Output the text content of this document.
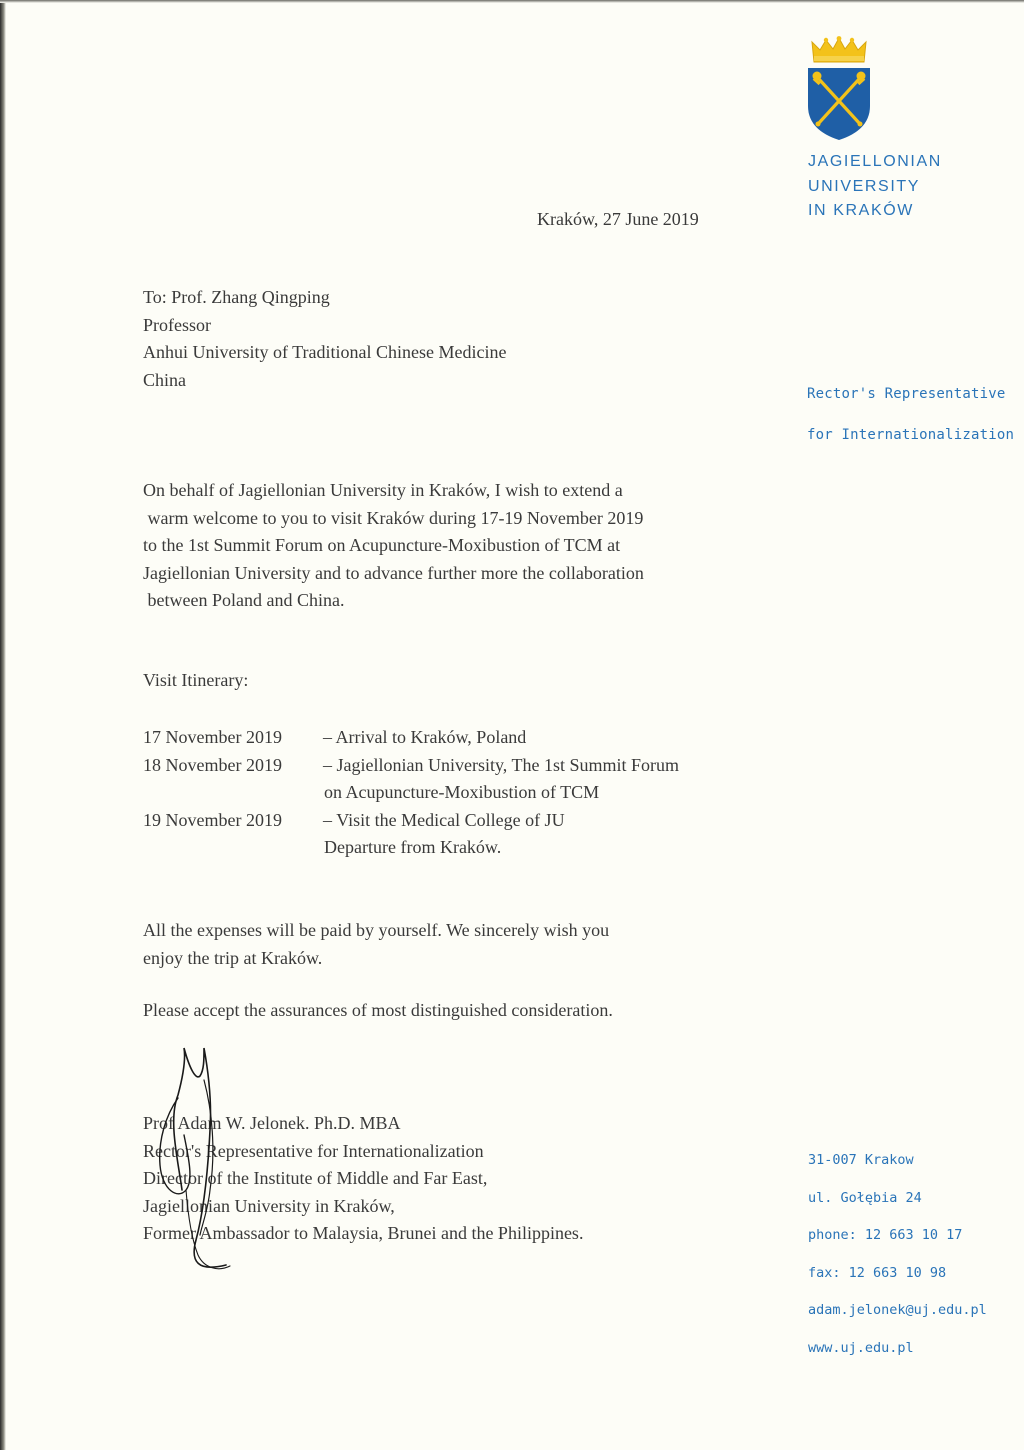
JAGIELLONIAN
UNIVERSITY
IN KRAKÓW
Rector's Representative
for Internationalization
31-007 Krakow
ul. Gołębia 24
phone: 12 663 10 17
fax: 12 663 10 98
adam.jelonek@uj.edu.pl
www.uj.edu.pl
Kraków, 27 June 2019
To: Prof. Zhang Qingping
Professor
Anhui University of Traditional Chinese Medicine
China
On behalf of Jagiellonian University in Kraków, I wish to extend a
warm welcome to you to visit Kraków during 17-19 November 2019
to the 1st Summit Forum on Acupuncture-Moxibustion of TCM at
Jagiellonian University and to advance further more the collaboration
between Poland and China.
Visit Itinerary:
17 November 2019 – Arrival to Kraków, Poland
18 November 2019 – Jagiellonian University, The 1st Summit Forum
on Acupuncture-Moxibustion of TCM
19 November 2019 – Visit the Medical College of JU
Departure from Kraków.
All the expenses will be paid by yourself. We sincerely wish you
enjoy the trip at Kraków.
Please accept the assurances of most distinguished consideration.
Prof Adam W. Jelonek. Ph.D. MBA
Rector's Representative for Internationalization
Director of the Institute of Middle and Far East,
Jagiellonian University in Kraków,
Former Ambassador to Malaysia, Brunei and the Philippines.
